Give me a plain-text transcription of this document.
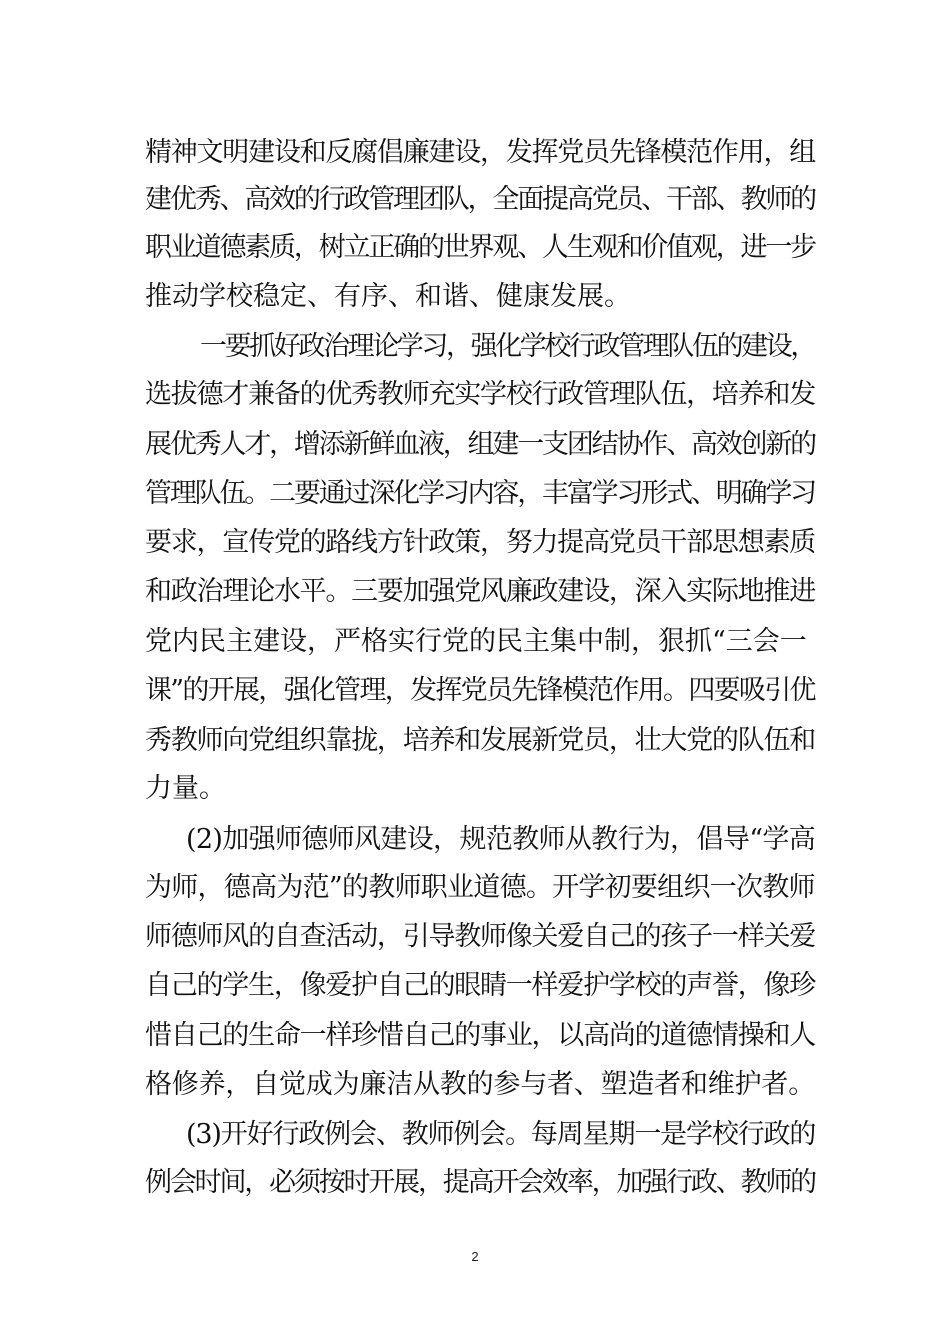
精神文明建设和反腐倡廉建设，发挥党员先锋模范作用，组
建优秀、高效的行政管理团队，全面提高党员、干部、教师的
职业道德素质，树立正确的世界观、人生观和价值观，进一步
推动学校稳定、有序、和谐、健康发展。
一要抓好政治理论学习，强化学校行政管理队伍的建设，
选拔德才兼备的优秀教师充实学校行政管理队伍，培养和发
展优秀人才，增添新鲜血液，组建一支团结协作、高效创新的
管理队伍。二要通过深化学习内容，丰富学习形式、明确学习
要求，宣传党的路线方针政策，努力提高党员干部思想素质
和政治理论水平。三要加强党风廉政建设，深入实际地推进
党内民主建设，严格实行党的民主集中制，狠抓“三会一
课”的开展，强化管理，发挥党员先锋模范作用。四要吸引优
秀教师向党组织靠拢，培养和发展新党员，壮大党的队伍和
力量。
(2)加强师德师风建设，规范教师从教行为，倡导“学高
为师，德高为范”的教师职业道德。开学初要组织一次教师
师德师风的自查活动，引导教师像关爱自己的孩子一样关爱
自己的学生，像爱护自己的眼睛一样爱护学校的声誉，像珍
惜自己的生命一样珍惜自己的事业，以高尚的道德情操和人
格修养，自觉成为廉洁从教的参与者、塑造者和维护者。
(3)开好行政例会、教师例会。每周星期一是学校行政的
例会时间，必须按时开展，提高开会效率，加强行政、教师的
2
